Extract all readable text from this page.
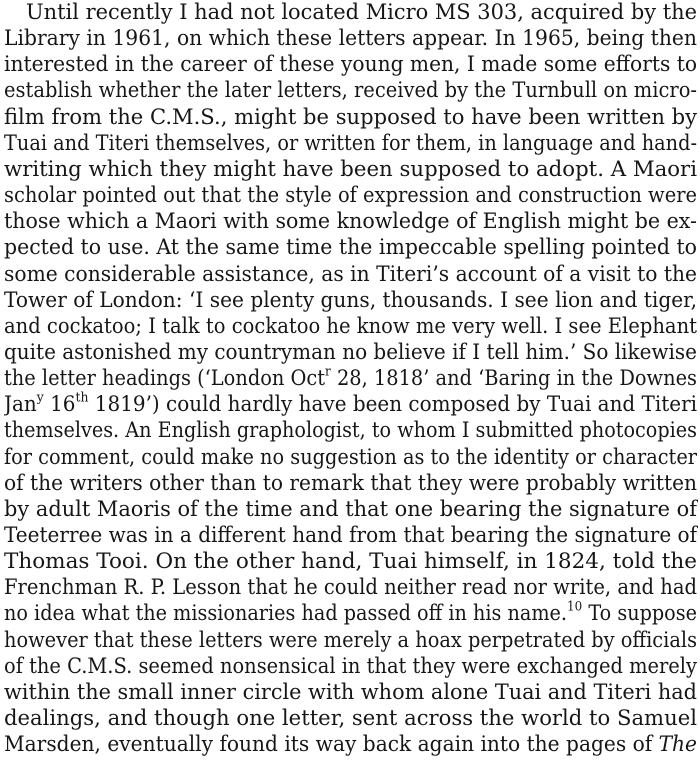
Until recently I had not located Micro MS 303, acquired by the
Library in 1961, on which these letters appear. In 1965, being then
interested in the career of these young men, I made some efforts to
establish whether the later letters, received by the Turnbull on micro-
film from the C.M.S., might be supposed to have been written by
Tuai and Titeri themselves, or written for them, in language and hand-
writing which they might have been supposed to adopt. A Maori
scholar pointed out that the style of expression and construction were
those which a Maori with some knowledge of English might be ex-
pected to use. At the same time the impeccable spelling pointed to
some considerable assistance, as in Titeri’s account of a visit to the
Tower of London: ‘I see plenty guns, thousands. I see lion and tiger,
and cockatoo; I talk to cockatoo he know me very well. I see Elephant
quite astonished my countryman no believe if I tell him.’ So likewise
the letter headings (‘London Oct$^r$ 28, 1818’ and ‘Baring in the Downes
Jan$^y$ 16th 1819’) could hardly have been composed by Tuai and Titeri
themselves. An English graphologist, to whom I submitted photocopies
for comment, could make no suggestion as to the identity or character
of the writers other than to remark that they were probably written
by adult Maoris of the time and that one bearing the signature of
Teeterree was in a different hand from that bearing the signature of
Thomas Tooi. On the other hand, Tuai himself, in 1824, told the
Frenchman R. P. Lesson that he could neither read nor write, and had
no idea what the missionaries had passed off in his name.$^{10}$ To suppose
however that these letters were merely a hoax perpetrated by officials
of the C.M.S. seemed nonsensical in that they were exchanged merely
within the small inner circle with whom alone Tuai and Titeri had
dealings, and though one letter, sent across the world to Samuel
Marsden, eventually found its way back again into the pages of The
